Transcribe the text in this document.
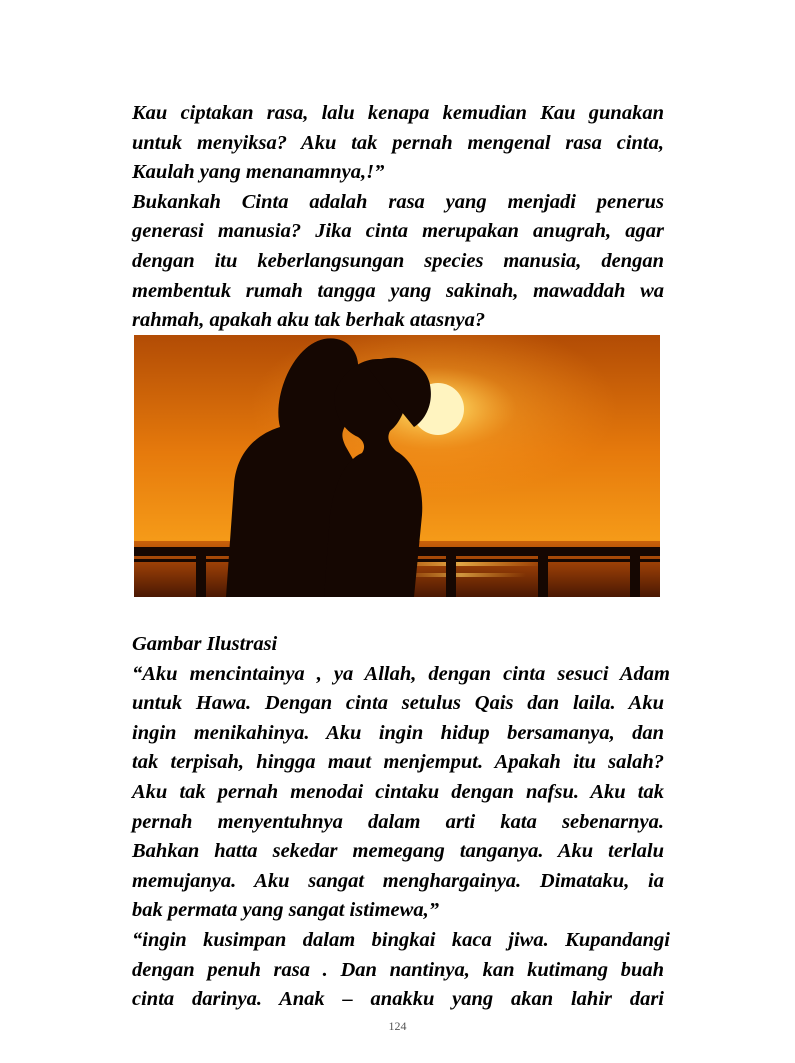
Kau ciptakan rasa, lalu kenapa kemudian Kau gunakan
untuk menyiksa? Aku tak pernah mengenal rasa cinta,
Kaulah yang menanamnya,!”
Bukankah Cinta adalah rasa yang menjadi penerus
generasi manusia? Jika cinta merupakan anugrah, agar
dengan itu keberlangsungan species manusia, dengan
membentuk rumah tangga yang sakinah, mawaddah wa
rahmah, apakah aku tak berhak atasnya?
Gambar Ilustrasi
“Aku mencintainya , ya Allah, dengan cinta sesuci Adam
untuk Hawa. Dengan cinta setulus Qais dan laila. Aku
ingin menikahinya. Aku ingin hidup bersamanya, dan
tak terpisah, hingga maut menjemput. Apakah itu salah?
Aku tak pernah menodai cintaku dengan nafsu. Aku tak
pernah menyentuhnya dalam arti kata sebenarnya.
Bahkan hatta sekedar memegang tanganya. Aku terlalu
memujanya. Aku sangat menghargainya. Dimataku, ia
bak permata yang sangat istimewa,”
“ingin kusimpan dalam bingkai kaca jiwa. Kupandangi
dengan penuh rasa . Dan nantinya, kan kutimang buah
cinta darinya. Anak – anakku yang akan lahir dari
124
